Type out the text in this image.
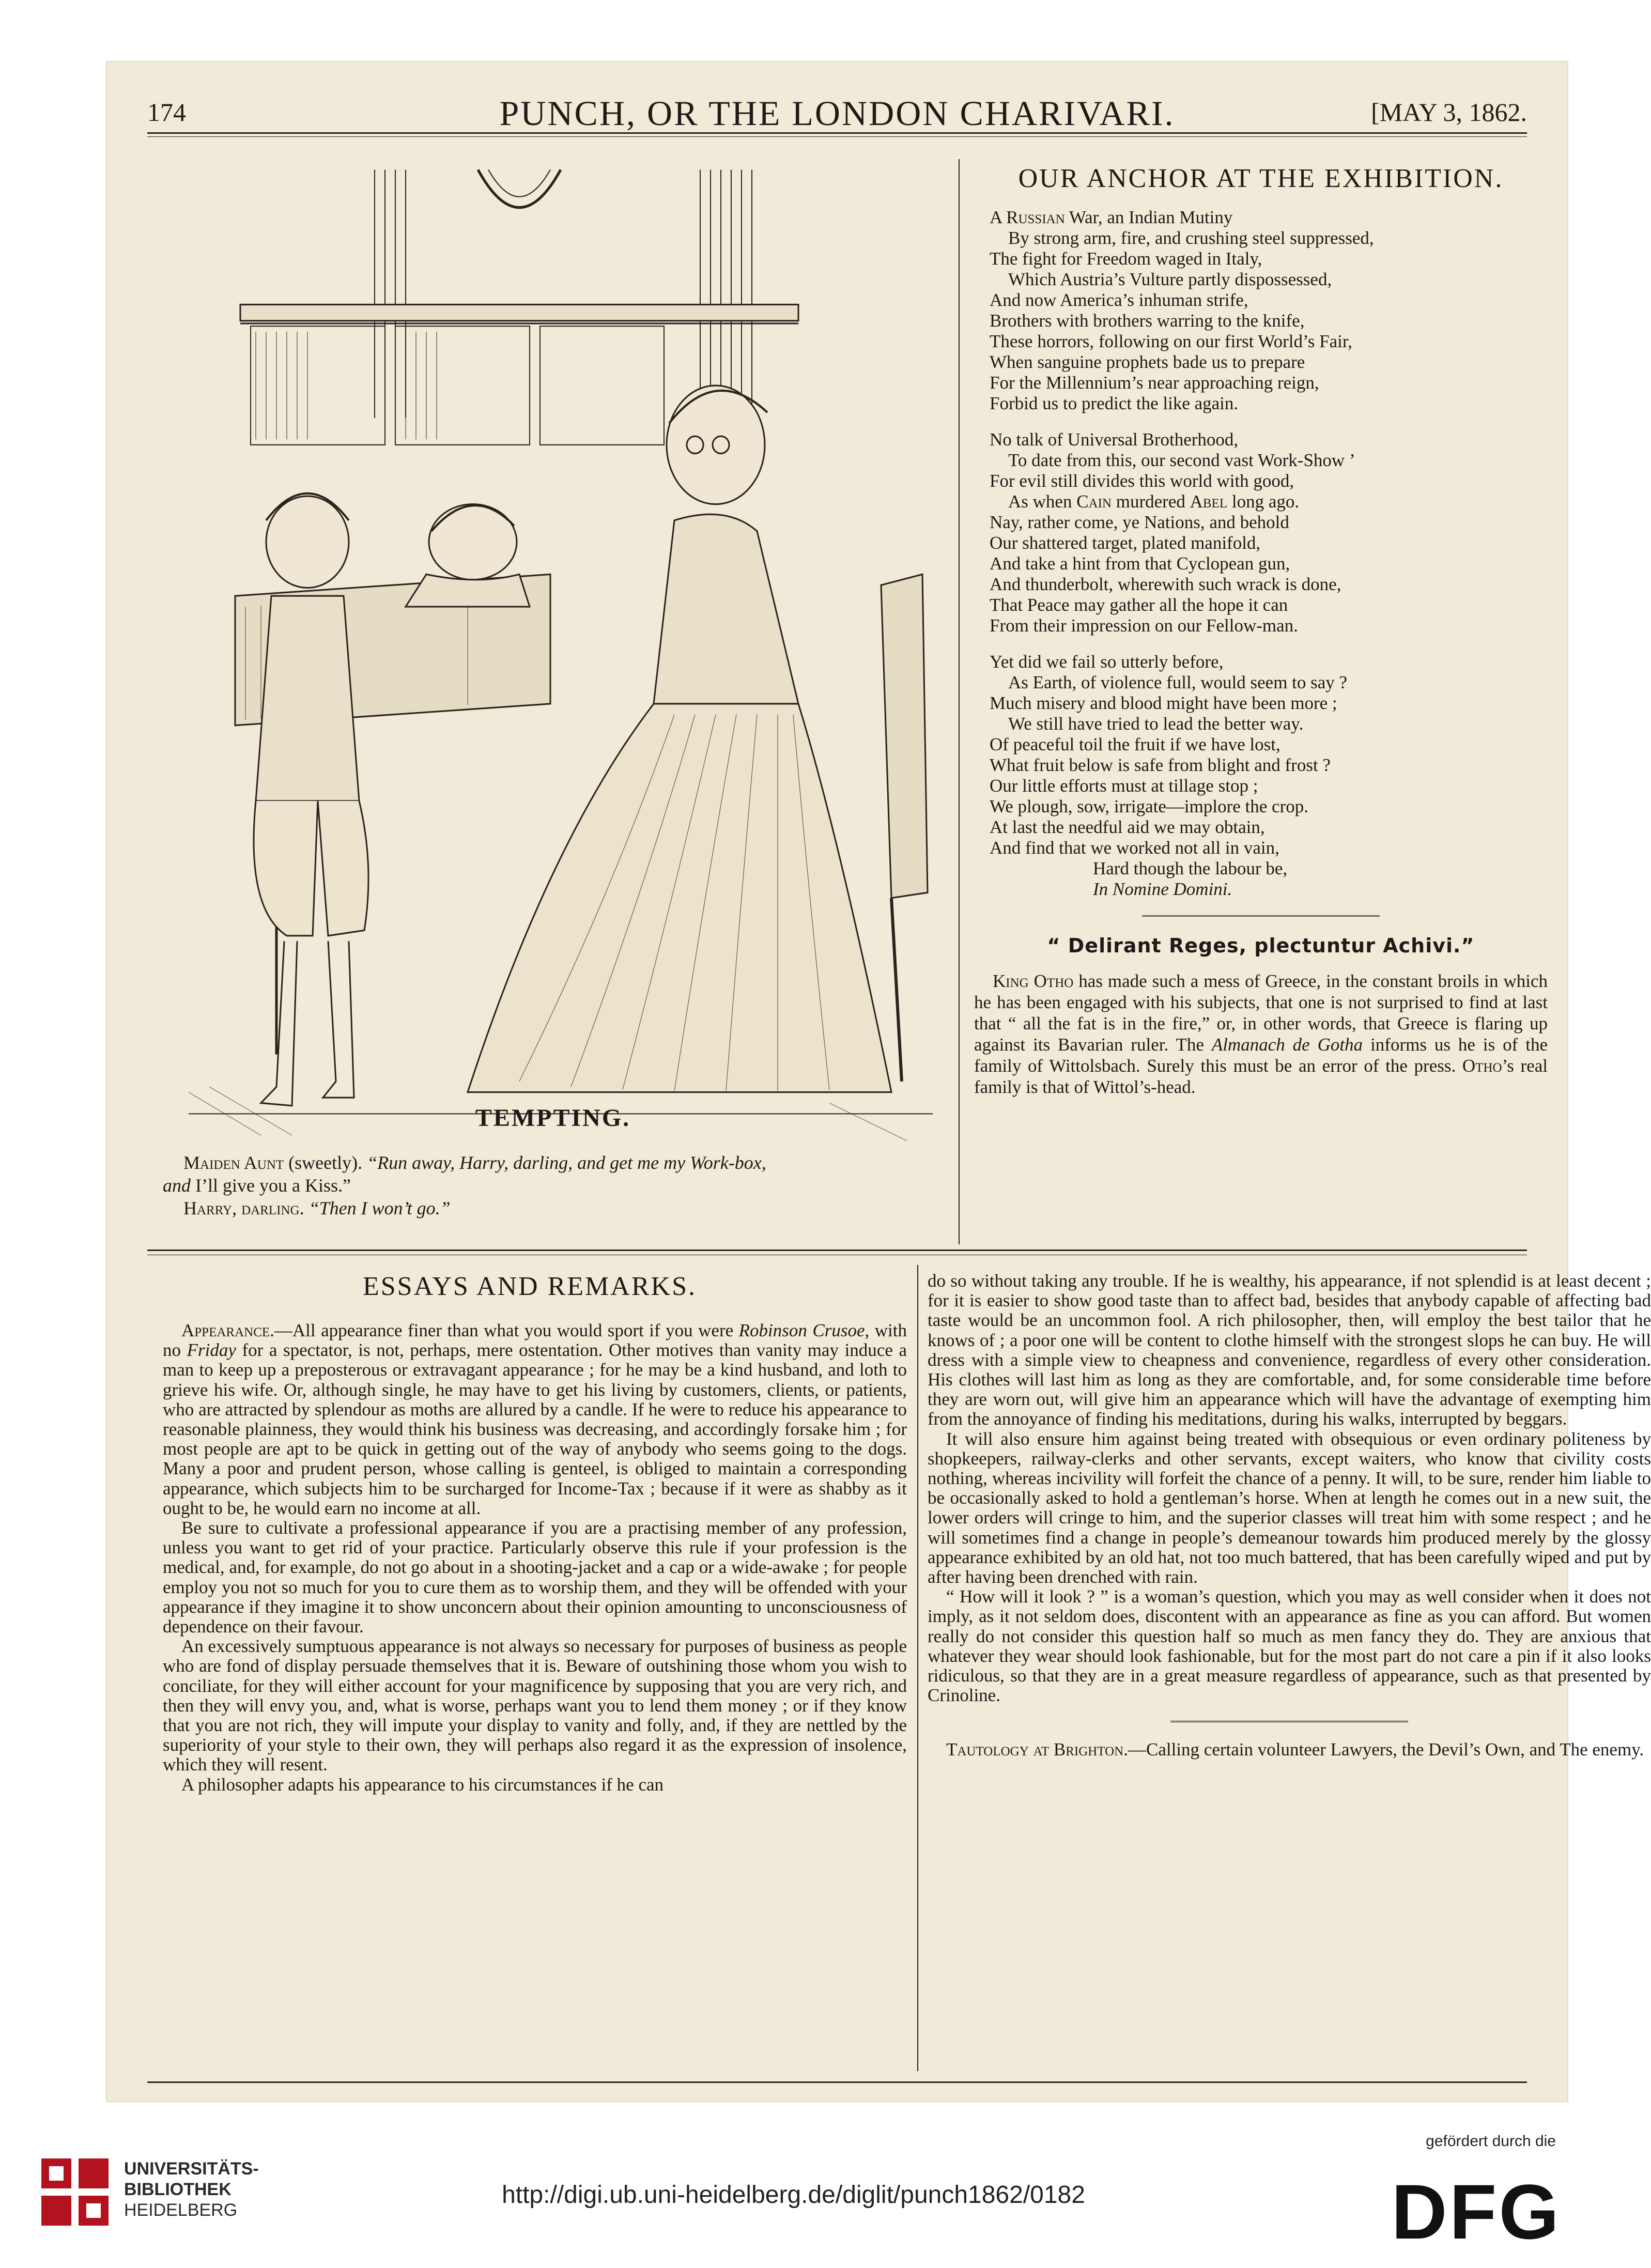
174	PUNCH, OR THE LONDON CHARIVARI.	[MAY 3, 1862.
TEMPTING.

Maiden Aunt (sweetly). “Run away, Harry, darling, and get me my Work-box,

and I’ll give you a Kiss.”

Harry, darling. “Then I won’t go.”

OUR ANCHOR AT THE EXHIBITION.
A Russian War, an Indian Mutiny
By strong arm, fire, and crushing steel suppressed,
The fight for Freedom waged in Italy,
Which Austria’s Vulture partly dispossessed,
And now America’s inhuman strife,
Brothers with brothers warring to the knife,
These horrors, following on our first World’s Fair,
When sanguine prophets bade us to prepare
For the Millennium’s near approaching reign,
Forbid us to predict the like again.
No talk of Universal Brotherhood,
To date from this, our second vast Work-Show ’
For evil still divides this world with good,
As when Cain murdered Abel long ago.
Nay, rather come, ye Nations, and behold
Our shattered target, plated manifold,
And take a hint from that Cyclopean gun,
And thunderbolt, wherewith such wrack is done,
That Peace may gather all the hope it can
From their impression on our Fellow-man.
Yet did we fail so utterly before,
As Earth, of violence full, would seem to say ?
Much misery and blood might have been more ;
We still have tried to lead the better way.
Of peaceful toil the fruit if we have lost,
What fruit below is safe from blight and frost ?
Our little efforts must at tillage stop ;
We plough, sow, irrigate—implore the crop.
At last the needful aid we may obtain,
And find that we worked not all in vain,
Hard though the labour be,
In Nomine Domini.
“ Delirant Reges, plectuntur Achivi.”

King Otho has made such a mess of Greece, in the constant broils in which he has been engaged with his subjects, that one is not surprised to find at last that “ all the fat is in the fire,” or, in other words, that Greece is flaring up against its Bavarian ruler. The Almanach de Gotha informs us he is of the family of Wittolsbach. Surely this must be an error of the press. Otho’s real family is that of Wittol’s-head.

ESSAYS AND REMARKS.

Appearance.—All appearance finer than what you would sport if you were Robinson Crusoe, with no Friday for a spectator, is not, perhaps, mere ostentation. Other motives than vanity may induce a man to keep up a preposterous or extravagant appearance ; for he may be a kind husband, and loth to grieve his wife. Or, although single, he may have to get his living by customers, clients, or patients, who are attracted by splendour as moths are allured by a candle. If he were to reduce his appearance to reasonable plainness, they would think his business was decreasing, and accordingly forsake him ; for most people are apt to be quick in getting out of the way of anybody who seems going to the dogs. Many a poor and prudent person, whose calling is genteel, is obliged to maintain a corresponding appearance, which subjects him to be surcharged for Income-Tax ; because if it were as shabby as it ought to be, he would earn no income at all.

Be sure to cultivate a professional appearance if you are a practising member of any profession, unless you want to get rid of your practice. Particularly observe this rule if your profession is the medical, and, for example, do not go about in a shooting-jacket and a cap or a wide-awake ; for people employ you not so much for you to cure them as to worship them, and they will be offended with your appearance if they imagine it to show unconcern about their opinion amounting to unconsciousness of dependence on their favour.

An excessively sumptuous appearance is not always so necessary for purposes of business as people who are fond of display persuade themselves that it is. Beware of outshining those whom you wish to conciliate, for they will either account for your magnificence by supposing that you are very rich, and then they will envy you, and, what is worse, perhaps want you to lend them money ; or if they know that you are not rich, they will impute your display to vanity and folly, and, if they are nettled by the superiority of your style to their own, they will perhaps also regard it as the expression of insolence, which they will resent.

A philosopher adapts his appearance to his circumstances if he can

do so without taking any trouble. If he is wealthy, his appearance, if not splendid is at least decent ; for it is easier to show good taste than to affect bad, besides that anybody capable of affecting bad taste would be an uncommon fool. A rich philosopher, then, will employ the best tailor that he knows of ; a poor one will be content to clothe himself with the strongest slops he can buy. He will dress with a simple view to cheapness and convenience, regardless of every other consideration. His clothes will last him as long as they are comfortable, and, for some considerable time before they are worn out, will give him an appearance which will have the advantage of exempting him from the annoyance of finding his meditations, during his walks, interrupted by beggars.

It will also ensure him against being treated with obsequious or even ordinary politeness by shopkeepers, railway-clerks and other servants, except waiters, who know that civility costs nothing, whereas incivility will forfeit the chance of a penny. It will, to be sure, render him liable to be occasionally asked to hold a gentleman’s horse. When at length he comes out in a new suit, the lower orders will cringe to him, and the superior classes will treat him with some respect ; and he will sometimes find a change in people’s demeanour towards him produced merely by the glossy appearance exhibited by an old hat, not too much battered, that has been carefully wiped and put by after having been drenched with rain.

“ How will it look ? ” is a woman’s question, which you may as well consider when it does not imply, as it not seldom does, discontent with an appearance as fine as you can afford. But women really do not consider this question half so much as men fancy they do. They are anxious that whatever they wear should look fashionable, but for the most part do not care a pin if it also looks ridiculous, so that they are in a great measure regardless of appearance, such as that presented by Crinoline.

Tautology at Brighton.—Calling certain volunteer Lawyers, the Devil’s Own, and The enemy.

UNIVERSITÄTS-
BIBLIOTHEK
HEIDELBERG
http://digi.ub.uni-heidelberg.de/diglit/punch1862/0182
gefördert durch die
DFG
